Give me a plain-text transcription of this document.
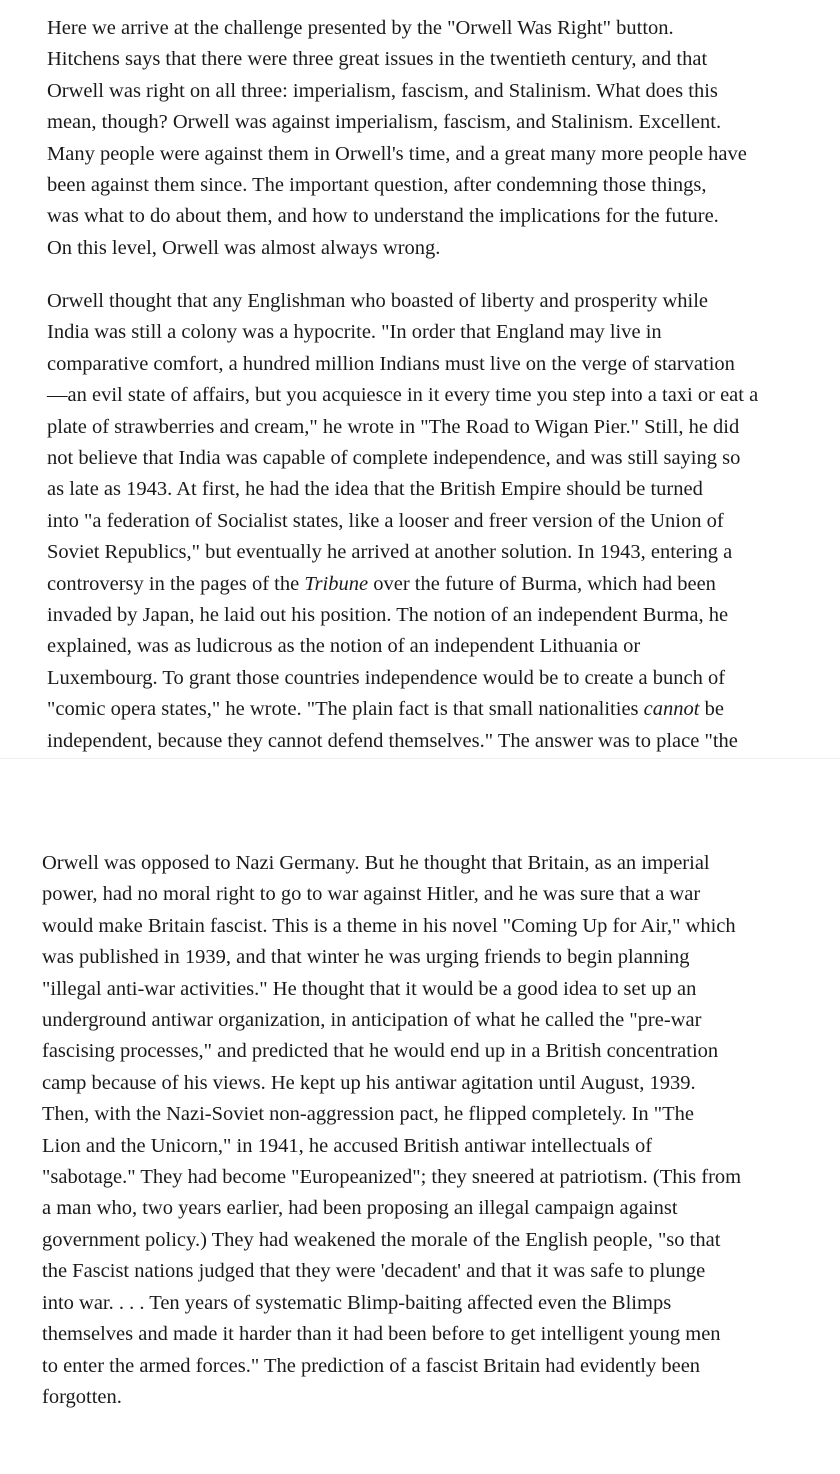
Here we arrive at the challenge presented by the "Orwell Was Right" button.
Hitchens says that there were three great issues in the twentieth century, and that
Orwell was right on all three: imperialism, fascism, and Stalinism. What does this
mean, though? Orwell was against imperialism, fascism, and Stalinism. Excellent.
Many people were against them in Orwell's time, and a great many more people have
been against them since. The important question, after condemning those things,
was what to do about them, and how to understand the implications for the future.
On this level, Orwell was almost always wrong.

Orwell thought that any Englishman who boasted of liberty and prosperity while
India was still a colony was a hypocrite. "In order that England may live in
comparative comfort, a hundred million Indians must live on the verge of starvation
—an evil state of affairs, but you acquiesce in it every time you step into a taxi or eat a
plate of strawberries and cream," he wrote in "The Road to Wigan Pier." Still, he did
not believe that India was capable of complete independence, and was still saying so
as late as 1943. At first, he had the idea that the British Empire should be turned
into "a federation of Socialist states, like a looser and freer version of the Union of
Soviet Republics," but eventually he arrived at another solution. In 1943, entering a
controversy in the pages of the Tribune over the future of Burma, which had been
invaded by Japan, he laid out his position. The notion of an independent Burma, he
explained, was as ludicrous as the notion of an independent Lithuania or
Luxembourg. To grant those countries independence would be to create a bunch of
"comic opera states," he wrote. "The plain fact is that small nationalities cannot be
independent, because they cannot defend themselves." The answer was to place "the

Orwell was opposed to Nazi Germany. But he thought that Britain, as an imperial
power, had no moral right to go to war against Hitler, and he was sure that a war
would make Britain fascist. This is a theme in his novel "Coming Up for Air," which
was published in 1939, and that winter he was urging friends to begin planning
"illegal anti-war activities." He thought that it would be a good idea to set up an
underground antiwar organization, in anticipation of what he called the "pre-war
fascising processes," and predicted that he would end up in a British concentration
camp because of his views. He kept up his antiwar agitation until August, 1939.
Then, with the Nazi-Soviet non-aggression pact, he flipped completely. In "The
Lion and the Unicorn," in 1941, he accused British antiwar intellectuals of
"sabotage." They had become "Europeanized"; they sneered at patriotism. (This from
a man who, two years earlier, had been proposing an illegal campaign against
government policy.) They had weakened the morale of the English people, "so that
the Fascist nations judged that they were 'decadent' and that it was safe to plunge
into war. . . . Ten years of systematic Blimp-baiting affected even the Blimps
themselves and made it harder than it had been before to get intelligent young men
to enter the armed forces." The prediction of a fascist Britain had evidently been
forgotten.
